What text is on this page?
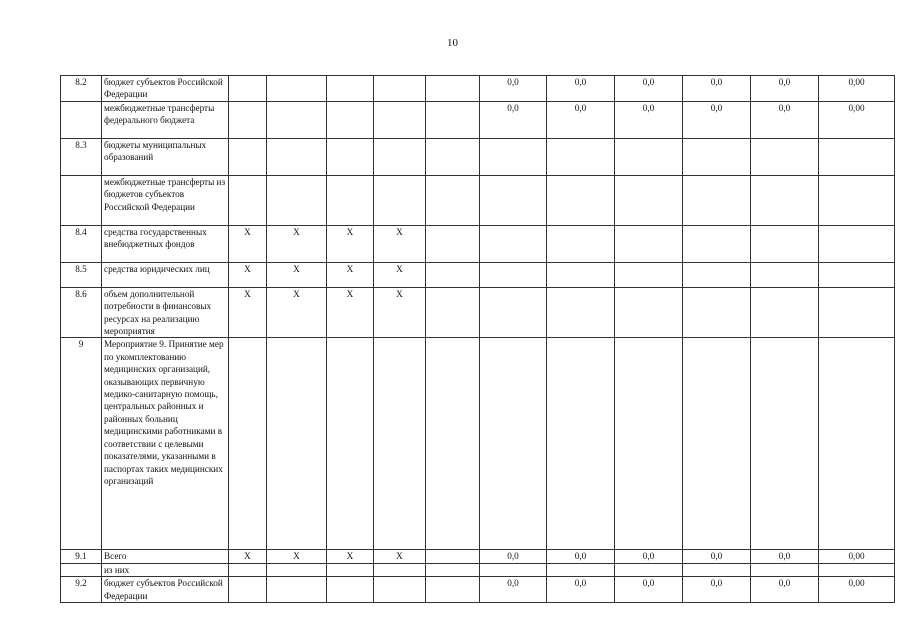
10
8.2	бюджет субъектов Российской Федерации						0,0	0,0	0,0	0,0	0,0	0,00
	межбюджетные трансферты федерального бюджета						0,0	0,0	0,0	0,0	0,0	0,00
8.3	бюджеты муниципальных образований											
	межбюджетные трансферты из бюджетов субъектов Российской Федерации											
8.4	средства государственных внебюджетных фондов	X	X	X	X							
8.5	средства юридических лиц	X	X	X	X							
8.6	объем дополнительной потребности в финансовых ресурсах на реализацию мероприятия	X	X	X	X							
9	Мероприятие 9. Принятие мер по укомплектованию медицинских организаций, оказывающих первичную медико-санитарную помощь, центральных районных и районных больниц медицинскими работниками в соответствии с целевыми показателями, указанными в паспортах таких медицинских организаций											
9.1	Всего	X	X	X	X		0,0	0,0	0,0	0,0	0,0	0,00
	из них											
9.2	бюджет субъектов Российской Федерации						0,0	0,0	0,0	0,0	0,0	0,00
